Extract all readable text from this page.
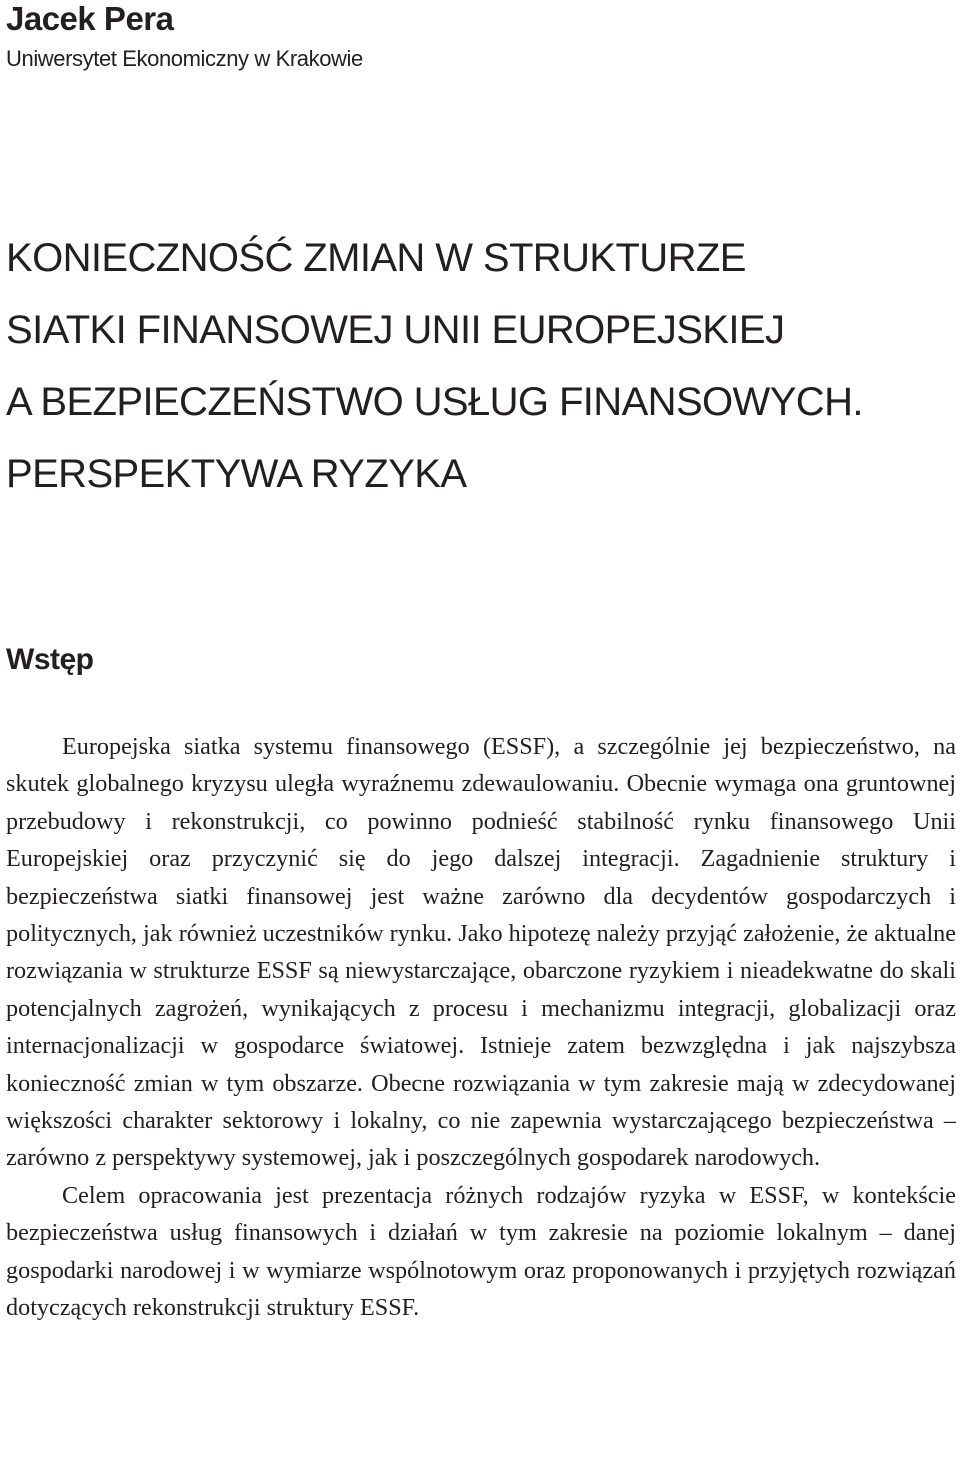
Jacek Pera
Uniwersytet Ekonomiczny w Krakowie
KONIECZNOŚĆ ZMIAN W STRUKTURZE
SIATKI FINANSOWEJ UNII EUROPEJSKIEJ
A BEZPIECZEŃSTWO USŁUG FINANSOWYCH.
PERSPEKTYWA RYZYKA
Wstęp

Europejska siatka systemu finansowego (ESSF), a szczególnie jej bezpieczeństwo, na skutek globalnego kryzysu uległa wyraźnemu zdewaulowaniu. Obecnie wymaga ona gruntownej przebudowy i rekonstrukcji, co powinno podnieść stabilność rynku finansowego Unii Europejskiej oraz przyczynić się do jego dalszej integracji. Zagadnienie struktury i bezpieczeństwa siatki finansowej jest ważne zarówno dla decydentów gospodarczych i politycznych, jak również uczestników rynku. Jako hipotezę należy przyjąć założenie, że aktualne rozwiązania w strukturze ESSF są niewystarczające, obarczone ryzykiem i nieadekwatne do skali potencjalnych zagrożeń, wynikających z procesu i mechanizmu integracji, globalizacji oraz internacjonalizacji w gospodarce światowej. Istnieje zatem bezwzględna i jak najszybsza konieczność zmian w tym obszarze. Obecne rozwiązania w tym zakresie mają w zdecydowanej większości charakter sektorowy i lokalny, co nie zapewnia wystarczającego bezpieczeństwa – zarówno z perspektywy systemowej, jak i poszczególnych gospodarek narodowych.

Celem opracowania jest prezentacja różnych rodzajów ryzyka w ESSF, w kontekście bezpieczeństwa usług finansowych i działań w tym zakresie na poziomie lokalnym – danej gospodarki narodowej i w wymiarze wspólnotowym oraz proponowanych i przyjętych rozwiązań dotyczących rekonstrukcji struktury ESSF.
